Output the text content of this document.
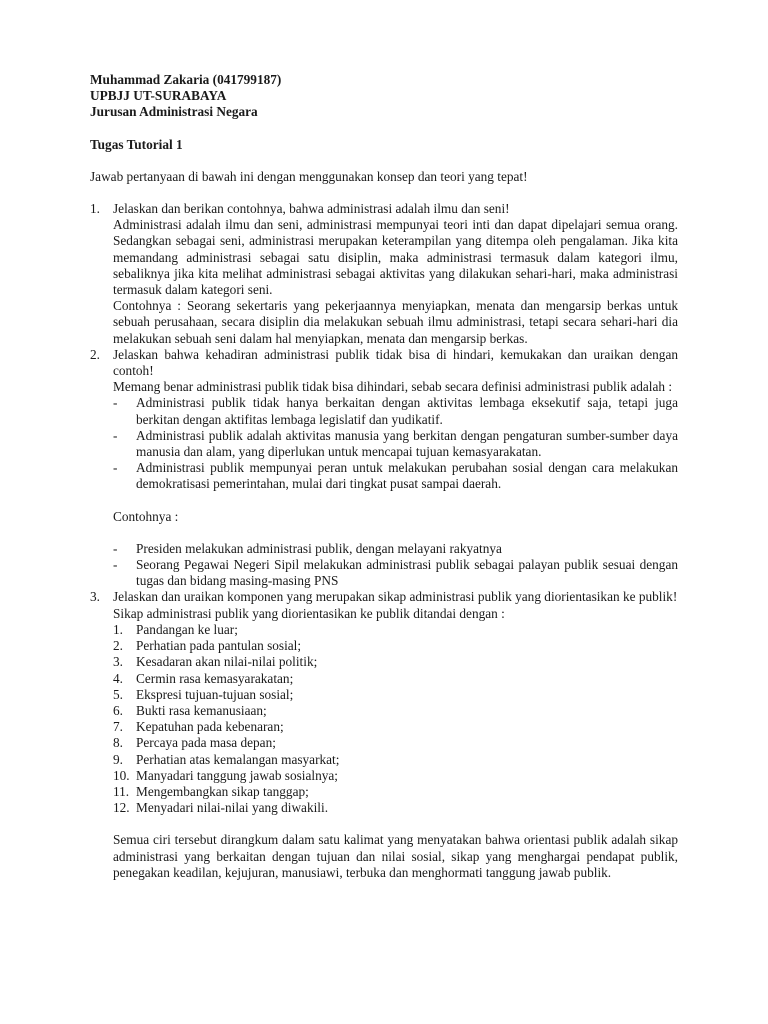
Muhammad Zakaria (041799187)

UPBJJ UT-SURABAYA

Jurusan Administrasi Negara

Tugas Tutorial 1

Jawab pertanyaan di bawah ini dengan menggunakan konsep dan teori yang tepat!

1. Jelaskan dan berikan contohnya, bahwa administrasi adalah ilmu dan seni!

Administrasi adalah ilmu dan seni, administrasi mempunyai teori inti dan dapat dipelajari semua orang. Sedangkan sebagai seni, administrasi merupakan keterampilan yang ditempa oleh pengalaman. Jika kita memandang administrasi sebagai satu disiplin, maka administrasi termasuk dalam kategori ilmu, sebaliknya jika kita melihat administrasi sebagai aktivitas yang dilakukan sehari-hari, maka administrasi termasuk dalam kategori seni.

Contohnya : Seorang sekertaris yang pekerjaannya menyiapkan, menata dan mengarsip berkas untuk sebuah perusahaan, secara disiplin dia melakukan sebuah ilmu administrasi, tetapi secara sehari-hari dia melakukan sebuah seni dalam hal menyiapkan, menata dan mengarsip berkas.

2. Jelaskan bahwa kehadiran administrasi publik tidak bisa di hindari, kemukakan dan uraikan dengan contoh!

Memang benar administrasi publik tidak bisa dihindari, sebab secara definisi administrasi publik adalah :

- Administrasi publik tidak hanya berkaitan dengan aktivitas lembaga eksekutif saja, tetapi juga berkitan dengan aktifitas lembaga legislatif dan yudikatif.
- Administrasi publik adalah aktivitas manusia yang berkitan dengan pengaturan sumber-sumber daya manusia dan alam, yang diperlukan untuk mencapai tujuan kemasyarakatan.
- Administrasi publik mempunyai peran untuk melakukan perubahan sosial dengan cara melakukan demokratisasi pemerintahan, mulai dari tingkat pusat sampai daerah.

Contohnya :

- Presiden melakukan administrasi publik, dengan melayani rakyatnya
- Seorang Pegawai Negeri Sipil melakukan administrasi publik sebagai palayan publik sesuai dengan tugas dan bidang masing-masing PNS
3. Jelaskan dan uraikan komponen yang merupakan sikap administrasi publik yang diorientasikan ke publik!

Sikap administrasi publik yang diorientasikan ke publik ditandai dengan :

1. Pandangan ke luar;
2. Perhatian pada pantulan sosial;
3. Kesadaran akan nilai-nilai politik;
4. Cermin rasa kemasyarakatan;
5. Ekspresi tujuan-tujuan sosial;
6. Bukti rasa kemanusiaan;
7. Kepatuhan pada kebenaran;
8. Percaya pada masa depan;
9. Perhatian atas kemalangan masyarkat;
10. Manyadari tanggung jawab sosialnya;
11. Mengembangkan sikap tanggap;
12. Menyadari nilai-nilai yang diwakili.

Semua ciri tersebut dirangkum dalam satu kalimat yang menyatakan bahwa orientasi publik adalah sikap administrasi yang berkaitan dengan tujuan dan nilai sosial, sikap yang menghargai pendapat publik, penegakan keadilan, kejujuran, manusiawi, terbuka dan menghormati tanggung jawab publik.
